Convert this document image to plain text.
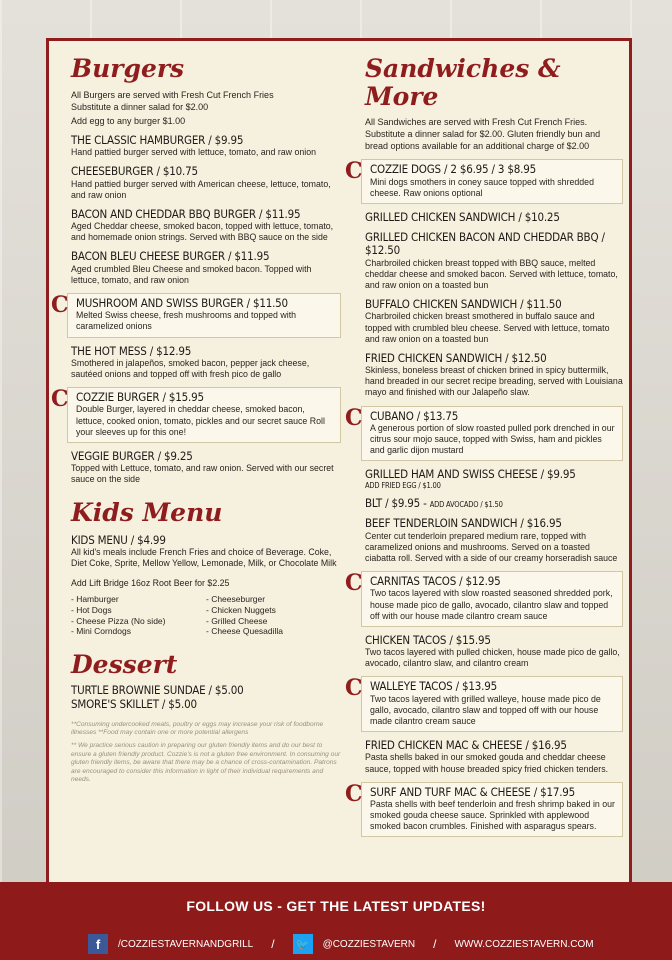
Burgers
All Burgers are served with Fresh Cut French Fries
Substitute a dinner salad for $2.00
Add egg to any burger $1.00
THE CLASSIC HAMBURGER / $9.95
Hand pattied burger served with lettuce, tomato, and raw onion
CHEESEBURGER / $10.75
Hand pattied burger served with American cheese, lettuce, tomato, and raw onion
BACON AND CHEDDAR BBQ BURGER / $11.95
Aged Cheddar cheese, smoked bacon, topped with lettuce, tomato, and homemade onion strings. Served with BBQ sauce on the side
BACON BLEU CHEESE BURGER / $11.95
Aged crumbled Bleu Cheese and smoked bacon. Topped with lettuce, tomato, and raw onion
C MUSHROOM AND SWISS BURGER / $11.50
Melted Swiss cheese, fresh mushrooms and topped with caramelized onions
THE HOT MESS / $12.95
Smothered in jalapeños, smoked bacon, pepper jack cheese, sautéed onions and topped off with fresh pico de gallo
C COZZIE BURGER / $15.95
Double Burger, layered in cheddar cheese, smoked bacon, lettuce, cooked onion, tomato, pickles and our secret sauce Roll your sleeves up for this one!
VEGGIE BURGER / $9.25
Topped with Lettuce, tomato, and raw onion. Served with our secret sauce on the side
Kids Menu
KIDS MENU / $4.99
All kid's meals include French Fries and choice of Beverage. Coke, Diet Coke, Sprite, Mellow Yellow, Lemonade, Milk, or Chocolate Milk
Add Lift Bridge 16oz Root Beer for $2.25
- Hamburger	- Cheeseburger
- Hot Dogs	- Chicken Nuggets
- Cheese Pizza (No side)	- Grilled Cheese
- Mini Corndogs	- Cheese Quesadilla
Dessert
TURTLE BROWNIE SUNDAE / $5.00
SMORE'S SKILLET / $5.00
**Consuming undercooked meats, poultry or eggs may increase your risk of foodborne illnesses **Food may contain one or more potential allergens
** We practice serious caution in preparing our gluten friendly items and do our best to ensure a gluten friendly product. Cozzie's is not a gluten free environment. In consuming our gluten friendly items, be aware that there may be a chance of cross-contamination. Patrons are encouraged to consider this information in light of their individual requirements and needs.
Sandwiches & More
All Sandwiches are served with Fresh Cut French Fries. Substitute a dinner salad for $2.00. Gluten friendly bun and bread options available for an additional charge of $2.00
C COZZIE DOGS / 2 $6.95 / 3 $8.95
Mini dogs smothers in coney sauce topped with shredded cheese. Raw onions optional
GRILLED CHICKEN SANDWICH / $10.25
GRILLED CHICKEN BACON AND CHEDDAR BBQ / $12.50
Charbroiled chicken breast topped with BBQ sauce, melted cheddar cheese and smoked bacon. Served with lettuce, tomato, and raw onion on a toasted bun
BUFFALO CHICKEN SANDWICH / $11.50
Charbroiled chicken breast smothered in buffalo sauce and topped with crumbled bleu cheese. Served with lettuce, tomato and raw onion on a toasted bun
FRIED CHICKEN SANDWICH / $12.50
Skinless, boneless breast of chicken brined in spicy buttermilk, hand breaded in our secret recipe breading, served with Louisiana mayo and finished with our Jalapeño slaw.
C CUBANO / $13.75
A generous portion of slow roasted pulled pork drenched in our citrus sour mojo sauce, topped with Swiss, ham and pickles and garlic dijon mustard
GRILLED HAM AND SWISS CHEESE / $9.95
ADD FRIED EGG / $1.00
BLT / $9.95 - ADD AVOCADO / $1.50
BEEF TENDERLOIN SANDWICH / $16.95
Center cut tenderloin prepared medium rare, topped with caramelized onions and mushrooms. Served on a toasted ciabatta roll. Served with a side of our creamy horseradish sauce
C CARNITAS TACOS / $12.95
Two tacos layered with slow roasted seasoned shredded pork, house made pico de gallo, avocado, cilantro slaw and topped off with our house made cilantro cream sauce
CHICKEN TACOS / $15.95
Two tacos layered with pulled chicken, house made pico de gallo, avocado, cilantro slaw, and cilantro cream
C WALLEYE TACOS / $13.95
Two tacos layered with grilled walleye, house made pico de gallo, avocado, cilantro slaw and topped off with our house made cilantro cream sauce
FRIED CHICKEN MAC & CHEESE / $16.95
Pasta shells baked in our smoked gouda and cheddar cheese sauce, topped with house breaded spicy fried chicken tenders.
C SURF AND TURF MAC & CHEESE / $17.95
Pasta shells with beef tenderloin and fresh shrimp baked in our smoked gouda cheese sauce. Sprinkled with applewood smoked bacon crumbles. Finished with asparagus spears.
FOLLOW US - GET THE LATEST UPDATES!
f	/COZZIESTAVERNANDGRILL / 🐦	@COZZIESTAVERN / WWW.COZZIESTAVERN.COM
